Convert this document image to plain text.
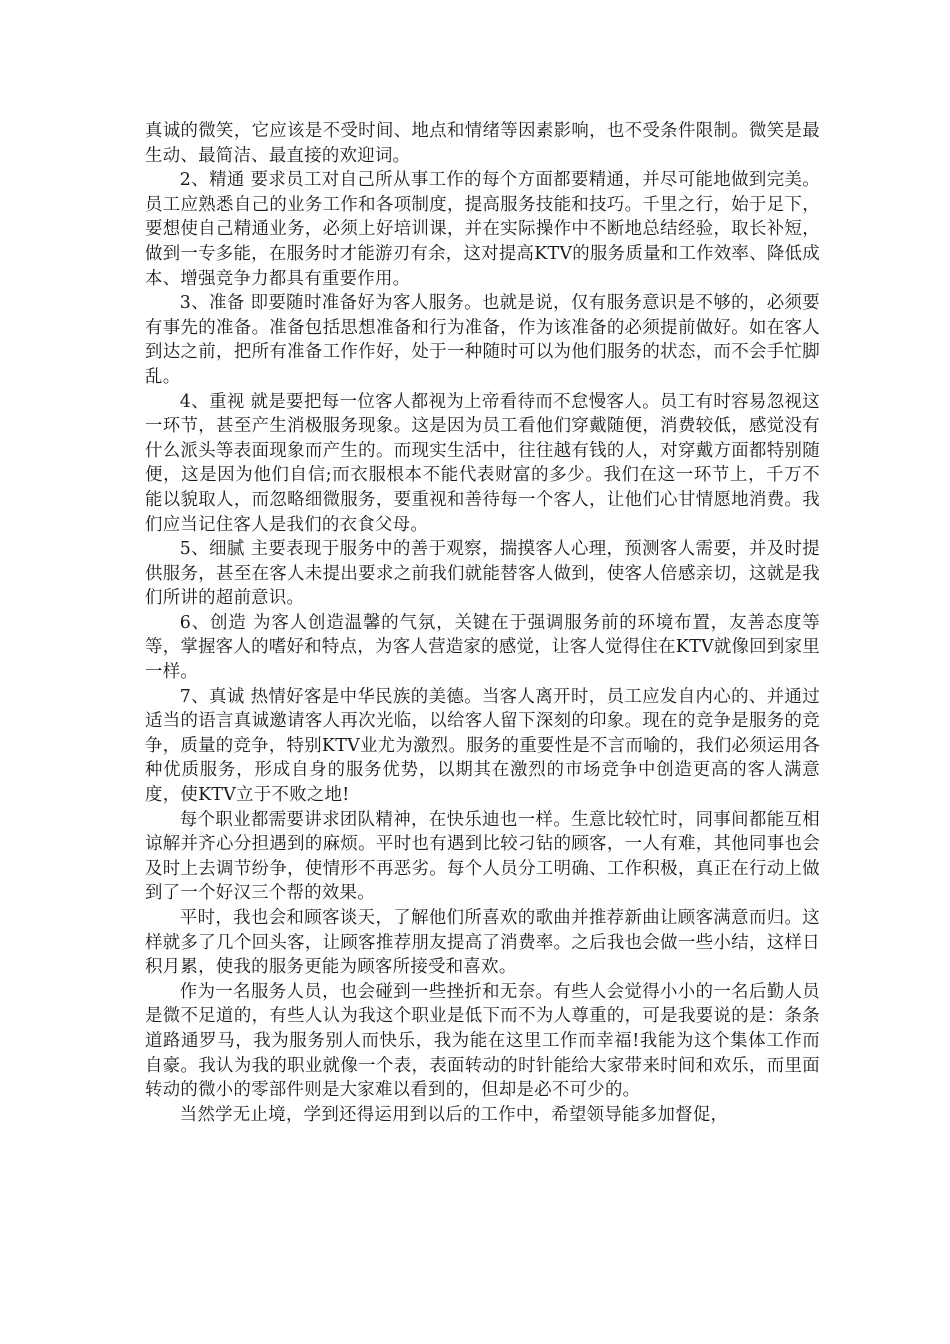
真诚的微笑，它应该是不受时间、地点和情绪等因素影响，也不受条件限制。微笑是最生动、最简洁、最直接的欢迎词。

2、精通 要求员工对自己所从事工作的每个方面都要精通，并尽可能地做到完美。员工应熟悉自己的业务工作和各项制度，提高服务技能和技巧。千里之行，始于足下，要想使自己精通业务，必须上好培训课，并在实际操作中不断地总结经验，取长补短，做到一专多能，在服务时才能游刃有余，这对提高KTV的服务质量和工作效率、降低成本、增强竞争力都具有重要作用。

3、准备 即要随时准备好为客人服务。也就是说，仅有服务意识是不够的，必须要有事先的准备。准备包括思想准备和行为准备，作为该准备的必须提前做好。如在客人到达之前，把所有准备工作作好，处于一种随时可以为他们服务的状态，而不会手忙脚乱。

4、重视 就是要把每一位客人都视为上帝看待而不怠慢客人。员工有时容易忽视这一环节，甚至产生消极服务现象。这是因为员工看他们穿戴随便，消费较低，感觉没有什么派头等表面现象而产生的。而现实生活中，往往越有钱的人，对穿戴方面都特别随便，这是因为他们自信;而衣服根本不能代表财富的多少。我们在这一环节上，千万不能以貌取人，而忽略细微服务，要重视和善待每一个客人，让他们心甘情愿地消费。我们应当记住客人是我们的衣食父母。

5、细腻 主要表现于服务中的善于观察，揣摸客人心理，预测客人需要，并及时提供服务，甚至在客人未提出要求之前我们就能替客人做到，使客人倍感亲切，这就是我们所讲的超前意识。

6、创造 为客人创造温馨的气氛，关键在于强调服务前的环境布置，友善态度等等，掌握客人的嗜好和特点，为客人营造家的感觉，让客人觉得住在KTV就像回到家里一样。

7、真诚 热情好客是中华民族的美德。当客人离开时，员工应发自内心的、并通过适当的语言真诚邀请客人再次光临，以给客人留下深刻的印象。现在的竞争是服务的竞争，质量的竞争，特别KTV业尤为激烈。服务的重要性是不言而喻的，我们必须运用各种优质服务，形成自身的服务优势，以期其在激烈的市场竞争中创造更高的客人满意度，使KTV立于不败之地!

每个职业都需要讲求团队精神，在快乐迪也一样。生意比较忙时，同事间都能互相谅解并齐心分担遇到的麻烦。平时也有遇到比较刁钻的顾客，一人有难，其他同事也会及时上去调节纷争，使情形不再恶劣。每个人员分工明确、工作积极，真正在行动上做到了一个好汉三个帮的效果。

平时，我也会和顾客谈天，了解他们所喜欢的歌曲并推荐新曲让顾客满意而归。这样就多了几个回头客，让顾客推荐朋友提高了消费率。之后我也会做一些小结，这样日积月累，使我的服务更能为顾客所接受和喜欢。

作为一名服务人员，也会碰到一些挫折和无奈。有些人会觉得小小的一名后勤人员是微不足道的，有些人认为我这个职业是低下而不为人尊重的，可是我要说的是：条条道路通罗马，我为服务别人而快乐，我为能在这里工作而幸福!我能为这个集体工作而自豪。我认为我的职业就像一个表，表面转动的时针能给大家带来时间和欢乐，而里面转动的微小的零部件则是大家难以看到的，但却是必不可少的。

当然学无止境，学到还得运用到以后的工作中，希望领导能多加督促，
